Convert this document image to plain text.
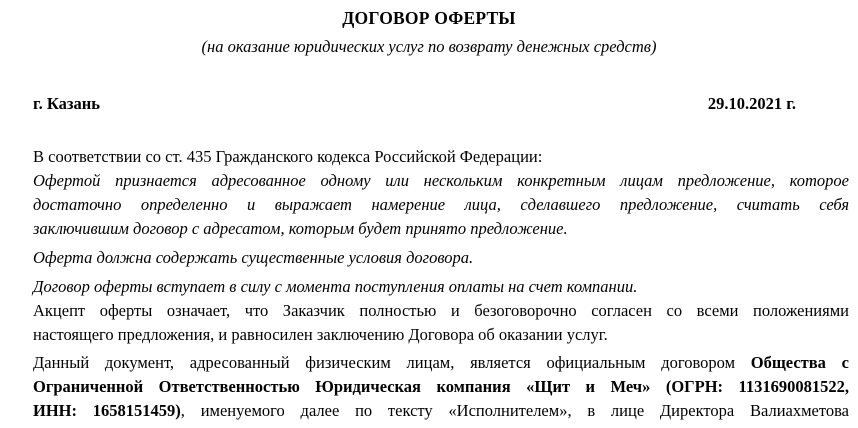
ДОГОВОР ОФЕРТЫ
(на оказание юридических услуг по возврату денежных средств)
г. Казань	29.10.2021 г.
В соответствии со ст. 435 Гражданского кодекса Российской Федерации:
Офертой признается адресованное одному или нескольким конкретным лицам предложение, которое
достаточно определенно и выражает намерение лица, сделавшего предложение, считать себя
заключившим договор с адресатом, которым будет принято предложение.
Оферта должна содержать существенные условия договора.
Договор оферты вступает в силу с момента поступления оплаты на счет компании.
Акцепт оферты означает, что Заказчик полностью и безоговорочно согласен со всеми положениями
настоящего предложения, и равносилен заключению Договора об оказании услуг.
Данный документ, адресованный физическим лицам, является официальным договором Общества с
Ограниченной Ответственностью Юридическая компания «Щит и Меч» (ОГРН: 1131690081522,
ИНН: 1658151459), именуемого далее по тексту «Исполнителем», в лице Директора Валиахметова
